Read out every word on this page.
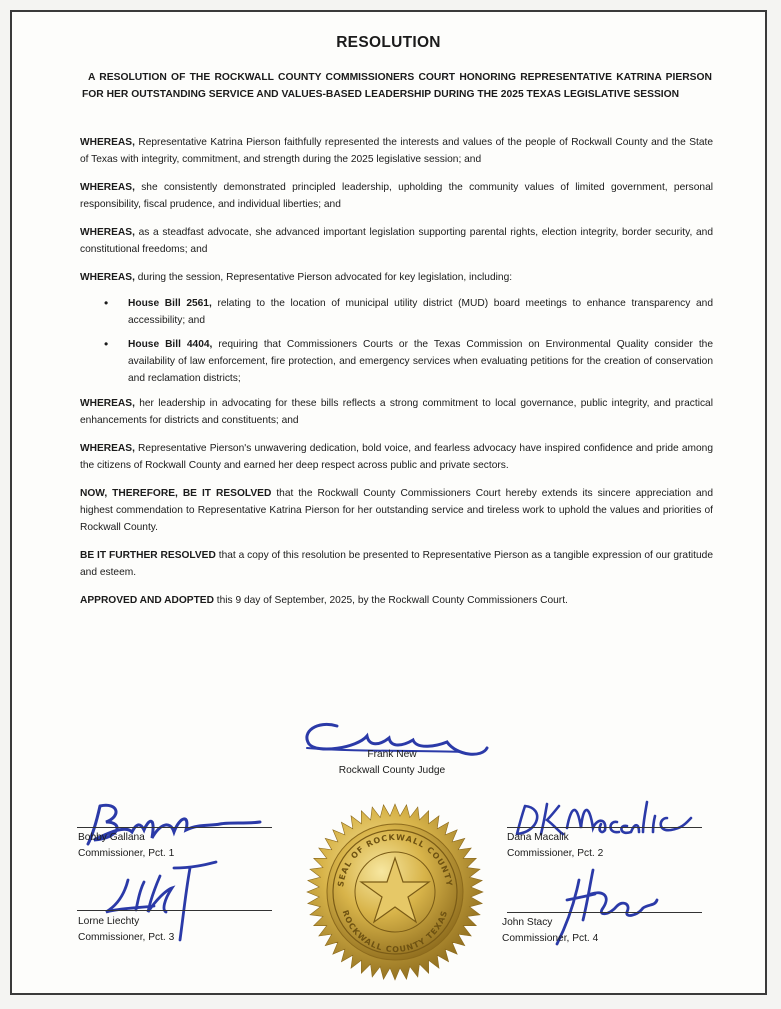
RESOLUTION
A RESOLUTION OF THE ROCKWALL COUNTY COMMISSIONERS COURT HONORING REPRESENTATIVE KATRINA PIERSON FOR HER OUTSTANDING SERVICE AND VALUES-BASED LEADERSHIP DURING THE 2025 TEXAS LEGISLATIVE SESSION

WHEREAS, Representative Katrina Pierson faithfully represented the interests and values of the people of Rockwall County and the State of Texas with integrity, commitment, and strength during the 2025 legislative session; and

WHEREAS, she consistently demonstrated principled leadership, upholding the community values of limited government, personal responsibility, fiscal prudence, and individual liberties; and

WHEREAS, as a steadfast advocate, she advanced important legislation supporting parental rights, election integrity, border security, and constitutional freedoms; and

WHEREAS, during the session, Representative Pierson advocated for key legislation, including:

• House Bill 2561, relating to the location of municipal utility district (MUD) board meetings to enhance transparency and accessibility; and
• House Bill 4404, requiring that Commissioners Courts or the Texas Commission on Environmental Quality consider the availability of law enforcement, fire protection, and emergency services when evaluating petitions for the creation of conservation and reclamation districts;

WHEREAS, her leadership in advocating for these bills reflects a strong commitment to local governance, public integrity, and practical enhancements for districts and constituents; and

WHEREAS, Representative Pierson's unwavering dedication, bold voice, and fearless advocacy have inspired confidence and pride among the citizens of Rockwall County and earned her deep respect across public and private sectors.

NOW, THEREFORE, BE IT RESOLVED that the Rockwall County Commissioners Court hereby extends its sincere appreciation and highest commendation to Representative Katrina Pierson for her outstanding service and tireless work to uphold the values and priorities of Rockwall County.

BE IT FURTHER RESOLVED that a copy of this resolution be presented to Representative Pierson as a tangible expression of our gratitude and esteem.

APPROVED AND ADOPTED this 9 day of September, 2025, by the Rockwall County Commissioners Court.

Frank New
Rockwall County Judge
Bobby Gallana
Commissioner, Pct. 1
Dana Macalik
Commissioner, Pct. 2
Lorne Liechty
Commissioner, Pct. 3
John Stacy
Commissioner, Pct. 4
SEAL OF ROCKWALL COUNTY
ROCKWALL COUNTY TEXAS
